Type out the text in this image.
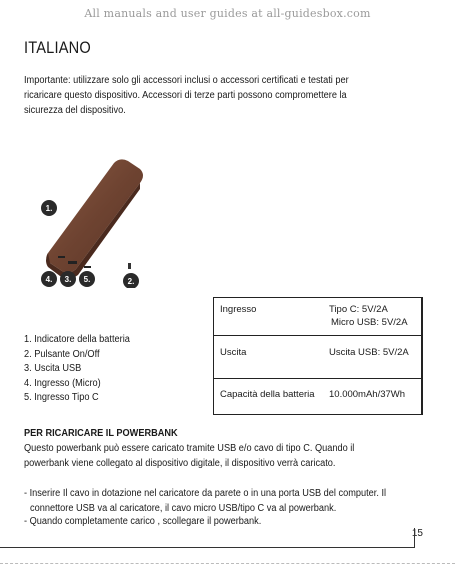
All manuals and user guides at all-guidesbox.com
ITALIANO
Importante: utilizzare solo gli accessori inclusi o accessori certificati e testati per ricaricare questo dispositivo. Accessori di terze parti possono compromettere la sicurezza del dispositivo.
1.
4. 3. 5.	2.
1. Indicatore della batteria
2. Pulsante On/Off
3. Uscita USB
4. Ingresso (Micro)
5. Ingresso Tipo C
Ingresso	Tipo C: 5V/2A
Micro USB: 5V/2A
Uscita	Uscita USB: 5V/2A
Capacità della batteria 10.000mAh/37Wh
PER RICARICARE IL POWERBANK
Questo powerbank può essere caricato tramite USB e/o cavo di tipo C. Quando il powerbank viene collegato al dispositivo digitale, il dispositivo verrà caricato.
- Inserire Il cavo in dotazione nel caricatore da parete o in una porta USB del computer. Il
connettore USB va al caricatore, il cavo micro USB/tipo C va al powerbank.
- Quando completamente carico , scollegare il powerbank.
15
